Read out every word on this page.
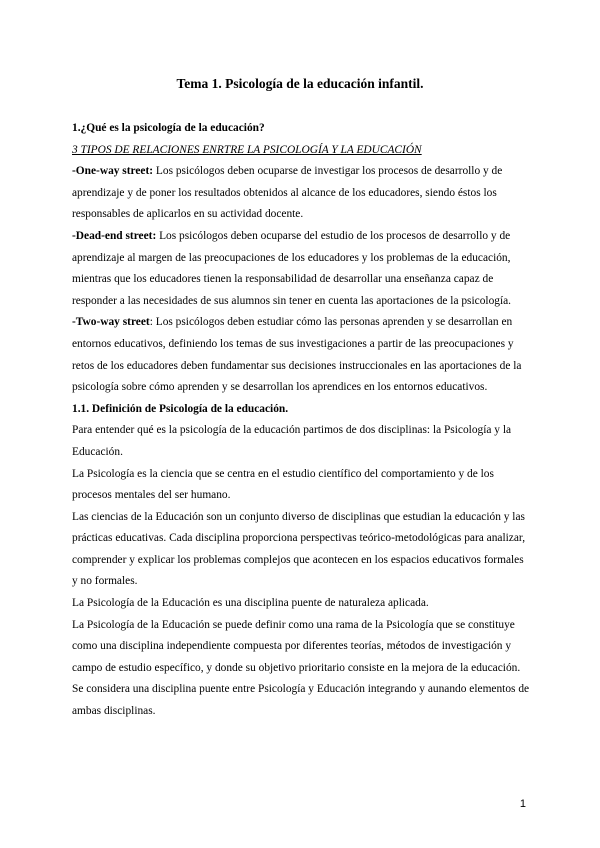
Tema 1. Psicología de la educación infantil.

1.¿Qué es la psicología de la educación?

3 TIPOS DE RELACIONES ENRTRE LA PSICOLOGÍA Y LA EDUCACIÓN

-One-way street: Los psicólogos deben ocuparse de investigar los procesos de desarrollo y de aprendizaje y de poner los resultados obtenidos al alcance de los educadores, siendo éstos los responsables de aplicarlos en su actividad docente.

-Dead-end street: Los psicólogos deben ocuparse del estudio de los procesos de desarrollo y de aprendizaje al margen de las preocupaciones de los educadores y los problemas de la educación, mientras que los educadores tienen la responsabilidad de desarrollar una enseñanza capaz de responder a las necesidades de sus alumnos sin tener en cuenta las aportaciones de la psicología.

-Two-way street: Los psicólogos deben estudiar cómo las personas aprenden y se desarrollan en entornos educativos, definiendo los temas de sus investigaciones a partir de las preocupaciones y retos de los educadores deben fundamentar sus decisiones instruccionales en las aportaciones de la psicología sobre cómo aprenden y se desarrollan los aprendices en los entornos educativos.

1.1. Definición de Psicología de la educación.

Para entender qué es la psicología de la educación partimos de dos disciplinas: la Psicología y la Educación.

La Psicología es la ciencia que se centra en el estudio científico del comportamiento y de los procesos mentales del ser humano.

Las ciencias de la Educación son un conjunto diverso de disciplinas que estudian la educación y las prácticas educativas. Cada disciplina proporciona perspectivas teórico-metodológicas para analizar, comprender y explicar los problemas complejos que acontecen en los espacios educativos formales y no formales.

La Psicología de la Educación es una disciplina puente de naturaleza aplicada.

La Psicología de la Educación se puede definir como una rama de la Psicología que se constituye como una disciplina independiente compuesta por diferentes teorías, métodos de investigación y campo de estudio específico, y donde su objetivo prioritario consiste en la mejora de la educación. Se considera una disciplina puente entre Psicología y Educación integrando y aunando elementos de ambas disciplinas.

1
